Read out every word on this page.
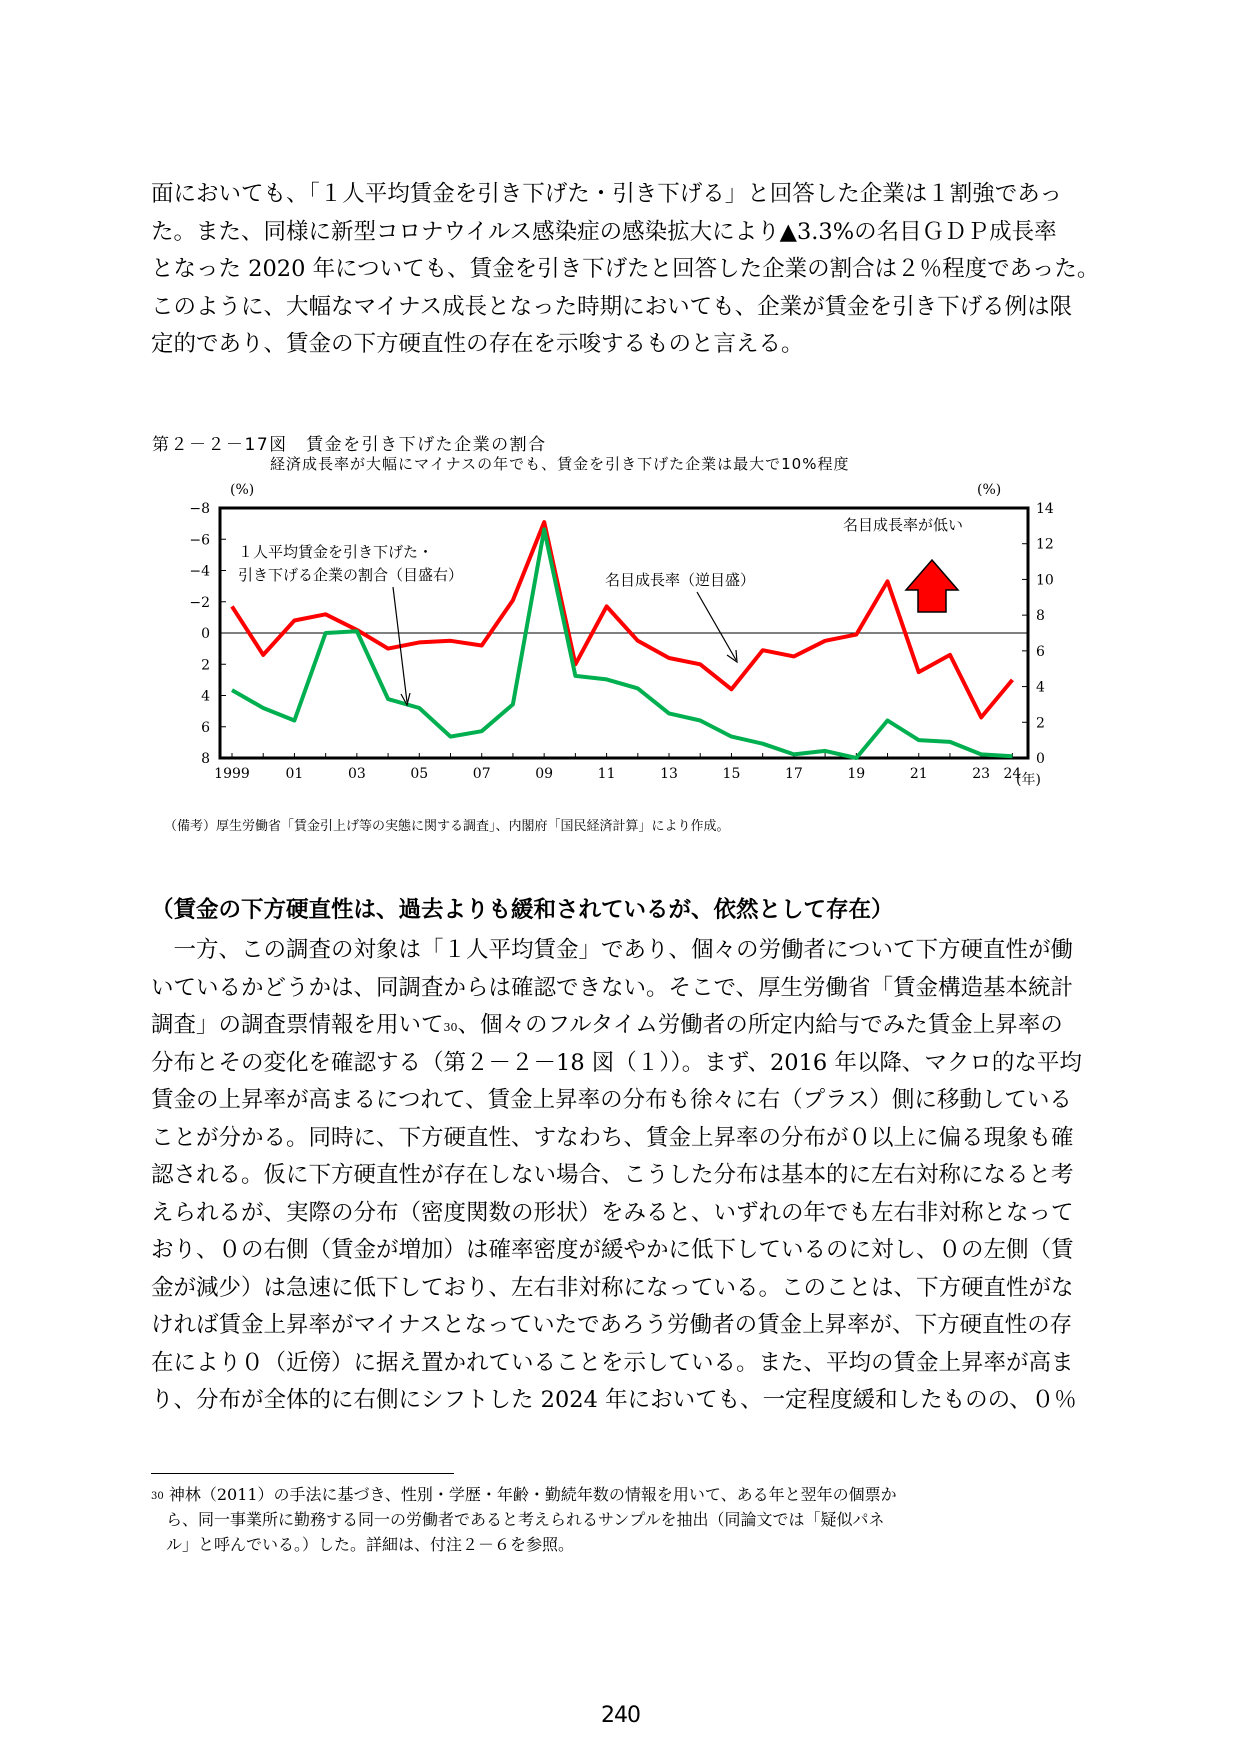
面においても、「１人平均賃金を引き下げた・引き下げる」と回答した企業は１割強であっ

た。また、同様に新型コロナウイルス感染症の感染拡大により▲3.3%の名目ＧＤＰ成長率

となった 2020 年についても、賃金を引き下げたと回答した企業の割合は２％程度であった。

このように、大幅なマイナス成長となった時期においても、企業が賃金を引き下げる例は限

定的であり、賃金の下方硬直性の存在を示唆するものと言える。

第２－２－17図　賃金を引き下げた企業の割合

経済成長率が大幅にマイナスの年でも、賃金を引き下げた企業は最大で10%程度

(%)	(%)
(年)
１人平均賃金を引き下げた・
引き下げる企業の割合（目盛右）	名目成長率（逆目盛）
名目成長率が低い
−8
−6
−4
−2
0
2
4
6
8
14
12
10
8
6
4
2
0
1999	01	03	05	07	09	11	13	15	17	19	21	23 24

（備考）厚生労働省「賃金引上げ等の実態に関する調査」、内閣府「国民経済計算」により作成。

（賃金の下方硬直性は、過去よりも緩和されているが、依然として存在）

　一方、この調査の対象は「１人平均賃金」であり、個々の労働者について下方硬直性が働

いているかどうかは、同調査からは確認できない。そこで、厚生労働省「賃金構造基本統計

調査」の調査票情報を用いて$^{30}$、個々のフルタイム労働者の所定内給与でみた賃金上昇率の

分布とその変化を確認する（第２－２－18 図（１））。まず、2016 年以降、マクロ的な平均

賃金の上昇率が高まるにつれて、賃金上昇率の分布も徐々に右（プラス）側に移動している

ことが分かる。同時に、下方硬直性、すなわち、賃金上昇率の分布が０以上に偏る現象も確

認される。仮に下方硬直性が存在しない場合、こうした分布は基本的に左右対称になると考

えられるが、実際の分布（密度関数の形状）をみると、いずれの年でも左右非対称となって

おり、０の右側（賃金が増加）は確率密度が緩やかに低下しているのに対し、０の左側（賃

金が減少）は急速に低下しており、左右非対称になっている。このことは、下方硬直性がな

ければ賃金上昇率がマイナスとなっていたであろう労働者の賃金上昇率が、下方硬直性の存

在により０（近傍）に据え置かれていることを示している。また、平均の賃金上昇率が高ま

り、分布が全体的に右側にシフトした 2024 年においても、一定程度緩和したものの、０％

$^{30}$ 神林（2011）の手法に基づき、性別・学歴・年齢・勤続年数の情報を用いて、ある年と翌年の個票か

ら、同一事業所に勤務する同一の労働者であると考えられるサンプルを抽出（同論文では「疑似パネ

ル」と呼んでいる。）した。詳細は、付注２－６を参照。

240
